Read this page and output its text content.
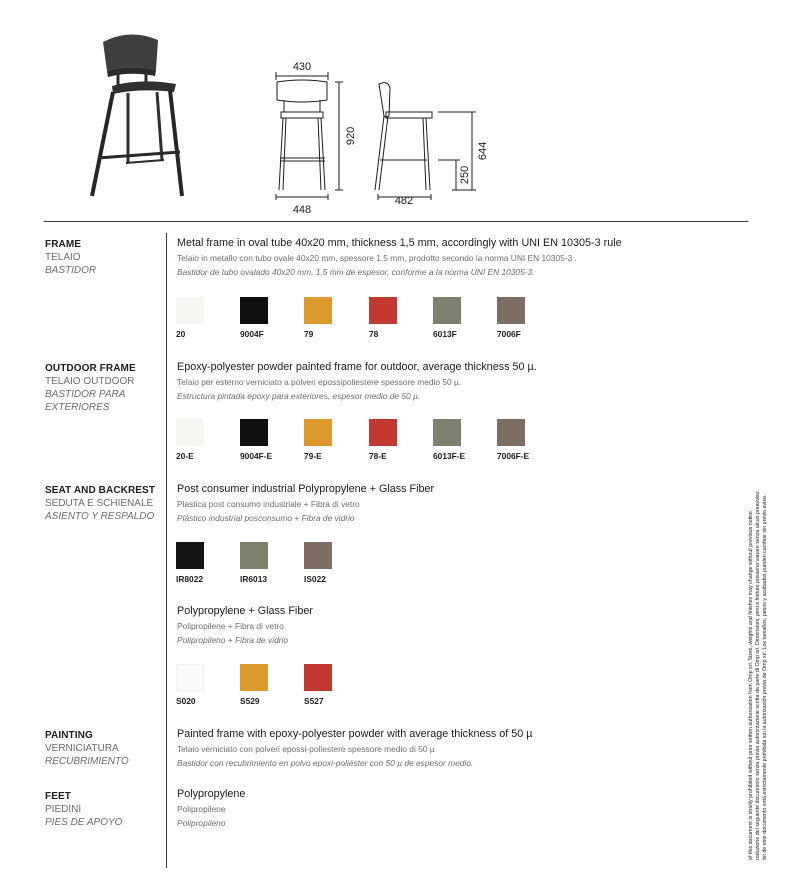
430
448
920
482
644
250
FRAME
TELAIO
BASTIDOR
Metal frame in oval tube 40x20 mm, thickness 1,5 mm, accordingly with UNI EN 10305-3 rule
Telaio in metallo con tubo ovale 40x20 mm, spessore 1,5 mm, prodotto secondo la norma UNI EN 10305-3 .
Bastidor de tubo ovalado 40x20 mm, 1,5 mm de espesor, conforme a la norma UNI EN 10305-3.
20	9004F	79	78	6013F	7006F
OUTDOOR FRAME
TELAIO OUTDOOR
BASTIDOR PARA
EXTERIORES
Epoxy-polyester powder painted frame for outdoor, average thickness 50 µ.
Telaio per esterno verniciato a polveri epossipoliestere spessore medio 50 µ.
Estructura pintada epoxy para exteriores, espesor medio de 50 µ.
20-E	9004F-E	79-E	78-E	6013F-E	7006F-E
SEAT AND BACKREST
SEDUTA E SCHIENALE
ASIENTO Y RESPALDO
Post consumer industrial Polypropylene + Glass Fiber
Plastica post consumo industriale + Fibra di vetro
Plástico industrial posconsumo + Fibra de vidrio
IR8022	IR6013	IS022
Polypropylene + Glass Fiber
Polipropilene + Fibra di vetro
Polipropileno + Fibra de vidrio
S020	S529	S527
PAINTING
VERNICIATURA
RECUBRIMIENTO
Painted frame with epoxy-polyester powder with average thickness of 50 µ
Telaio verniciato con polveri epossi-poliestere spessore medio di 50 µ
Bastidor con recubrimiento en polvo epoxi-poliéster con 50 µ de espesor medio.
FEET
PIEDINI
PIES DE APOYO
Polypropylene
Polipropilene
Polipropileno	of this document is strictly prohibited without prior written authorization from Omp srl. Sizes, weights and finishes may change without previous notice. roduzione del seguente documento senza previa autorizzazione scritta da parte di Omp srl. Dimensioni, pesi e finiture possono variare senza alcun preavviso. ón de este documento está estrictamente prohibida sin la autorización previa de Omp srl. Los tamaños, pesos y acabados pueden cambiar sin previo aviso.
